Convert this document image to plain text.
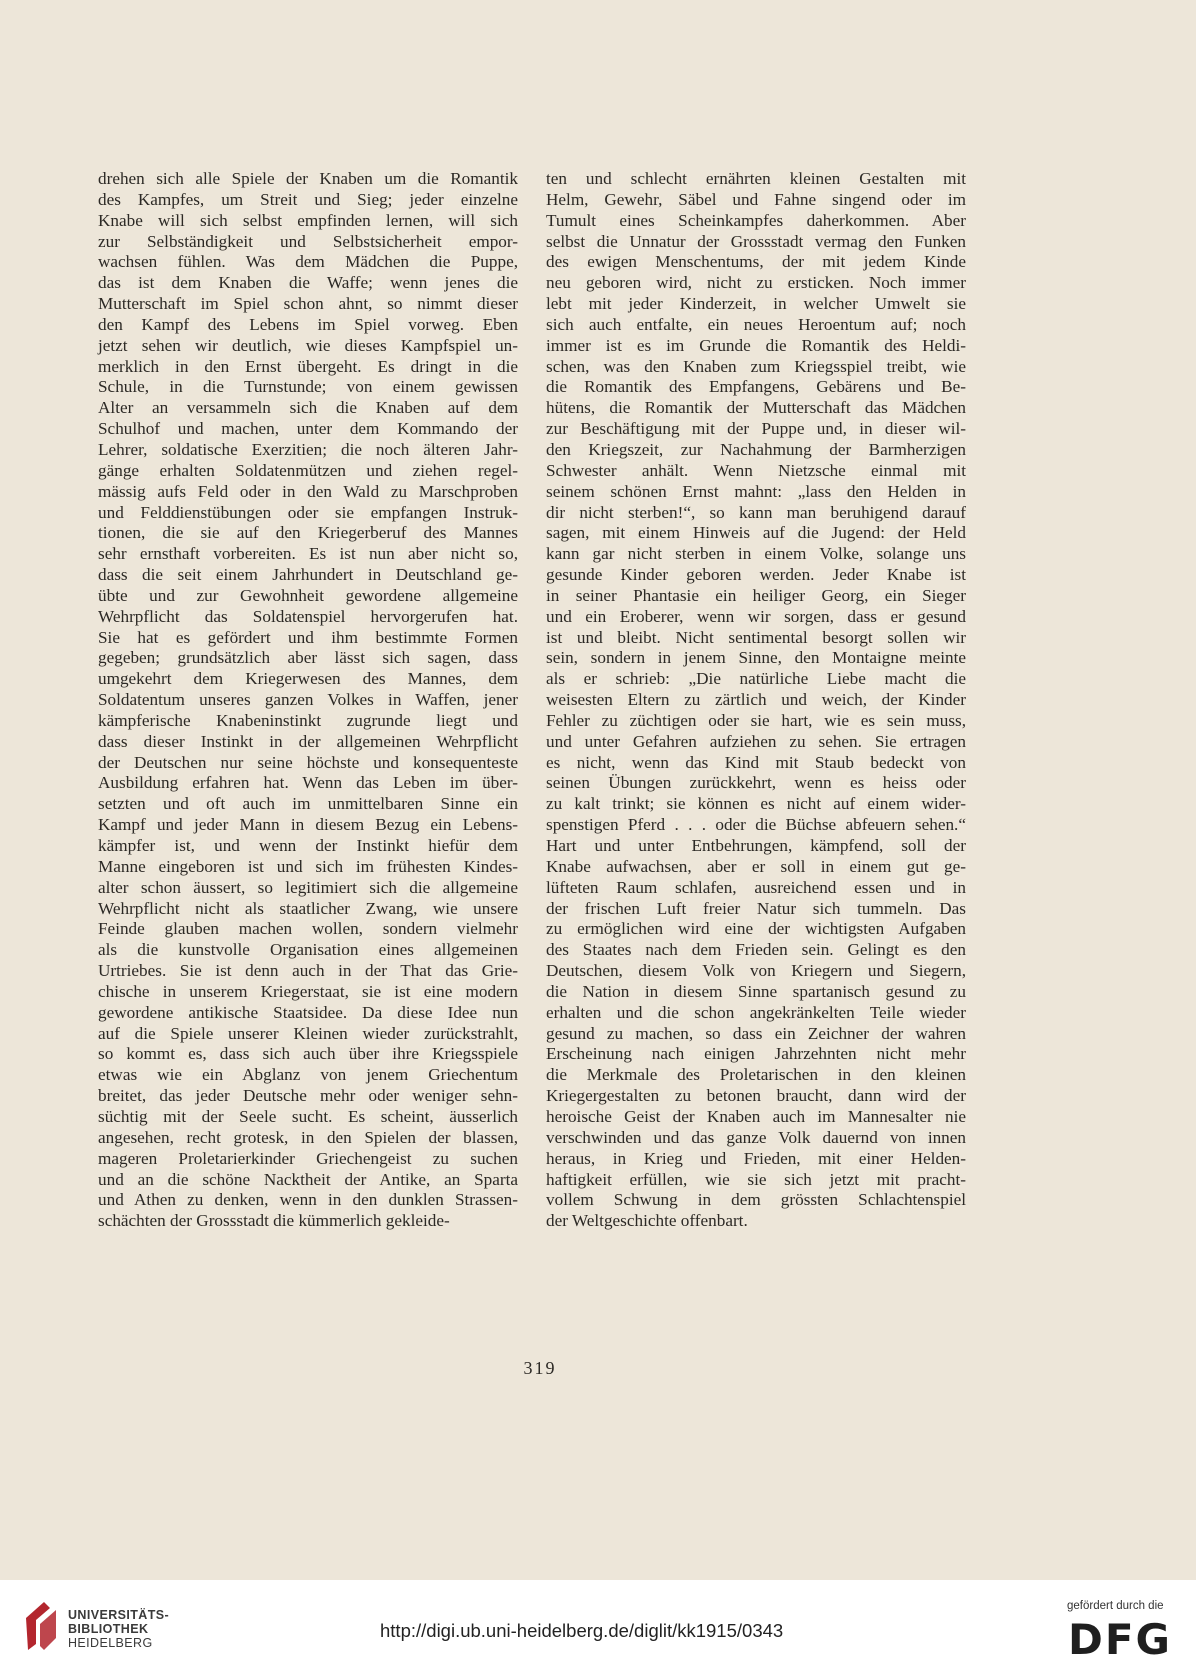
drehen sich alle Spiele der Knaben um die Romantik
des Kampfes, um Streit und Sieg; jeder einzelne
Knabe will sich selbst empfinden lernen, will sich
zur Selbständigkeit und Selbstsicherheit empor-
wachsen fühlen. Was dem Mädchen die Puppe,
das ist dem Knaben die Waffe; wenn jenes die
Mutterschaft im Spiel schon ahnt, so nimmt dieser
den Kampf des Lebens im Spiel vorweg. Eben
jetzt sehen wir deutlich, wie dieses Kampfspiel un-
merklich in den Ernst übergeht. Es dringt in die
Schule, in die Turnstunde; von einem gewissen
Alter an versammeln sich die Knaben auf dem
Schulhof und machen, unter dem Kommando der
Lehrer, soldatische Exerzitien; die noch älteren Jahr-
gänge erhalten Soldatenmützen und ziehen regel-
mässig aufs Feld oder in den Wald zu Marschproben
und Felddienstübungen oder sie empfangen Instruk-
tionen, die sie auf den Kriegerberuf des Mannes
sehr ernsthaft vorbereiten. Es ist nun aber nicht so,
dass die seit einem Jahrhundert in Deutschland ge-
übte und zur Gewohnheit gewordene allgemeine
Wehrpflicht das Soldatenspiel hervorgerufen hat.
Sie hat es gefördert und ihm bestimmte Formen
gegeben; grundsätzlich aber lässt sich sagen, dass
umgekehrt dem Kriegerwesen des Mannes, dem
Soldatentum unseres ganzen Volkes in Waffen, jener
kämpferische Knabeninstinkt zugrunde liegt und
dass dieser Instinkt in der allgemeinen Wehrpflicht
der Deutschen nur seine höchste und konsequenteste
Ausbildung erfahren hat. Wenn das Leben im über-
setzten und oft auch im unmittelbaren Sinne ein
Kampf und jeder Mann in diesem Bezug ein Lebens-
kämpfer ist, und wenn der Instinkt hiefür dem
Manne eingeboren ist und sich im frühesten Kindes-
alter schon äussert, so legitimiert sich die allgemeine
Wehrpflicht nicht als staatlicher Zwang, wie unsere
Feinde glauben machen wollen, sondern vielmehr
als die kunstvolle Organisation eines allgemeinen
Urtriebes. Sie ist denn auch in der That das Grie-
chische in unserem Kriegerstaat, sie ist eine modern
gewordene antikische Staatsidee. Da diese Idee nun
auf die Spiele unserer Kleinen wieder zurückstrahlt,
so kommt es, dass sich auch über ihre Kriegsspiele
etwas wie ein Abglanz von jenem Griechentum
breitet, das jeder Deutsche mehr oder weniger sehn-
süchtig mit der Seele sucht. Es scheint, äusserlich
angesehen, recht grotesk, in den Spielen der blassen,
mageren Proletarierkinder Griechengeist zu suchen
und an die schöne Nacktheit der Antike, an Sparta
und Athen zu denken, wenn in den dunklen Strassen-
schächten der Grossstadt die kümmerlich gekleide-
ten und schlecht ernährten kleinen Gestalten mit
Helm, Gewehr, Säbel und Fahne singend oder im
Tumult eines Scheinkampfes daherkommen. Aber
selbst die Unnatur der Grossstadt vermag den Funken
des ewigen Menschentums, der mit jedem Kinde
neu geboren wird, nicht zu ersticken. Noch immer
lebt mit jeder Kinderzeit, in welcher Umwelt sie
sich auch entfalte, ein neues Heroentum auf; noch
immer ist es im Grunde die Romantik des Heldi-
schen, was den Knaben zum Kriegsspiel treibt, wie
die Romantik des Empfangens, Gebärens und Be-
hütens, die Romantik der Mutterschaft das Mädchen
zur Beschäftigung mit der Puppe und, in dieser wil-
den Kriegszeit, zur Nachahmung der Barmherzigen
Schwester anhält. Wenn Nietzsche einmal mit
seinem schönen Ernst mahnt: „lass den Helden in
dir nicht sterben!“, so kann man beruhigend darauf
sagen, mit einem Hinweis auf die Jugend: der Held
kann gar nicht sterben in einem Volke, solange uns
gesunde Kinder geboren werden. Jeder Knabe ist
in seiner Phantasie ein heiliger Georg, ein Sieger
und ein Eroberer, wenn wir sorgen, dass er gesund
ist und bleibt. Nicht sentimental besorgt sollen wir
sein, sondern in jenem Sinne, den Montaigne meinte
als er schrieb: „Die natürliche Liebe macht die
weisesten Eltern zu zärtlich und weich, der Kinder
Fehler zu züchtigen oder sie hart, wie es sein muss,
und unter Gefahren aufziehen zu sehen. Sie ertragen
es nicht, wenn das Kind mit Staub bedeckt von
seinen Übungen zurückkehrt, wenn es heiss oder
zu kalt trinkt; sie können es nicht auf einem wider-
spenstigen Pferd . . . oder die Büchse abfeuern sehen.“
Hart und unter Entbehrungen, kämpfend, soll der
Knabe aufwachsen, aber er soll in einem gut ge-
lüfteten Raum schlafen, ausreichend essen und in
der frischen Luft freier Natur sich tummeln. Das
zu ermöglichen wird eine der wichtigsten Aufgaben
des Staates nach dem Frieden sein. Gelingt es den
Deutschen, diesem Volk von Kriegern und Siegern,
die Nation in diesem Sinne spartanisch gesund zu
erhalten und die schon angekränkelten Teile wieder
gesund zu machen, so dass ein Zeichner der wahren
Erscheinung nach einigen Jahrzehnten nicht mehr
die Merkmale des Proletarischen in den kleinen
Kriegergestalten zu betonen braucht, dann wird der
heroische Geist der Knaben auch im Mannesalter nie
verschwinden und das ganze Volk dauernd von innen
heraus, in Krieg und Frieden, mit einer Helden-
haftigkeit erfüllen, wie sie sich jetzt mit pracht-
vollem Schwung in dem grössten Schlachtenspiel
der Weltgeschichte offenbart.
319
UNIVERSITÄTS-
BIBLIOTHEK
HEIDELBERG
http://digi.ub.uni-heidelberg.de/diglit/kk1915/0343
gefördert durch die
DFG
